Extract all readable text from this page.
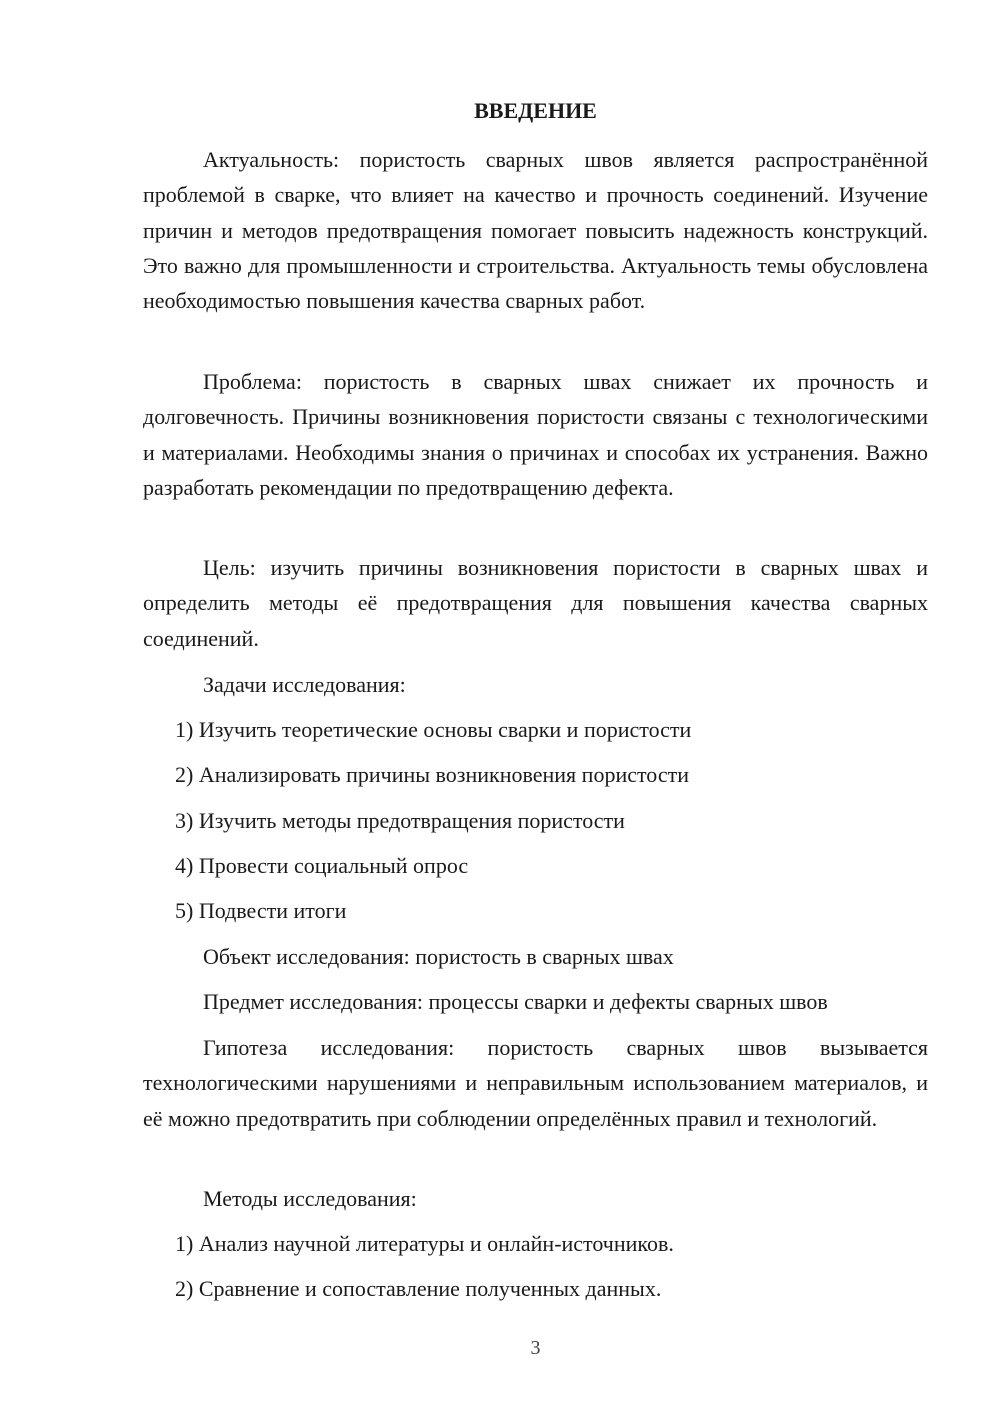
ВВЕДЕНИЕ

Актуальность: пористость сварных швов является распространённой проблемой в сварке, что влияет на качество и прочность соединений. Изучение причин и методов предотвращения помогает повысить надежность конструкций. Это важно для промышленности и строительства. Актуальность темы обусловлена необходимостью повышения качества сварных работ.

Проблема: пористость в сварных швах снижает их прочность и долговечность. Причины возникновения пористости связаны с технологическими и материалами. Необходимы знания о причинах и способах их устранения. Важно разработать рекомендации по предотвращению дефекта.

Цель: изучить причины возникновения пористости в сварных швах и определить методы её предотвращения для повышения качества сварных соединений.

Задачи исследования:
1) Изучить теоретические основы сварки и пористости
2) Анализировать причины возникновения пористости
3) Изучить методы предотвращения пористости
4) Провести социальный опрос
5) Подвести итоги
Объект исследования: пористость в сварных швах
Предмет исследования: процессы сварки и дефекты сварных швов

Гипотеза исследования: пористость сварных швов вызывается технологическими нарушениями и неправильным использованием материалов, и её можно предотвратить при соблюдении определённых правил и технологий.

Методы исследования:
1) Анализ научной литературы и онлайн-источников.
2) Сравнение и сопоставление полученных данных.
3
